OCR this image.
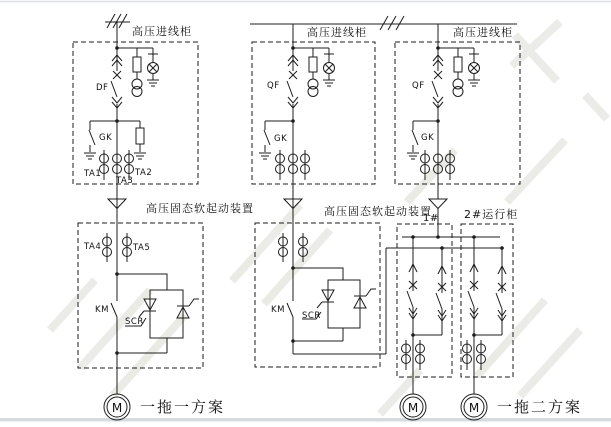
高压进线柜
DF
GK
TA1
TA3
TA2
高压固态软起动装置
TA4	TA5
KM
SCR
M 一拖一方案
高压进线柜
QF
GK
高压固态软起动装置
KM
SCR
高压进线柜
QF
GK
1# 2#运行柜
M	M 一拖二方案
